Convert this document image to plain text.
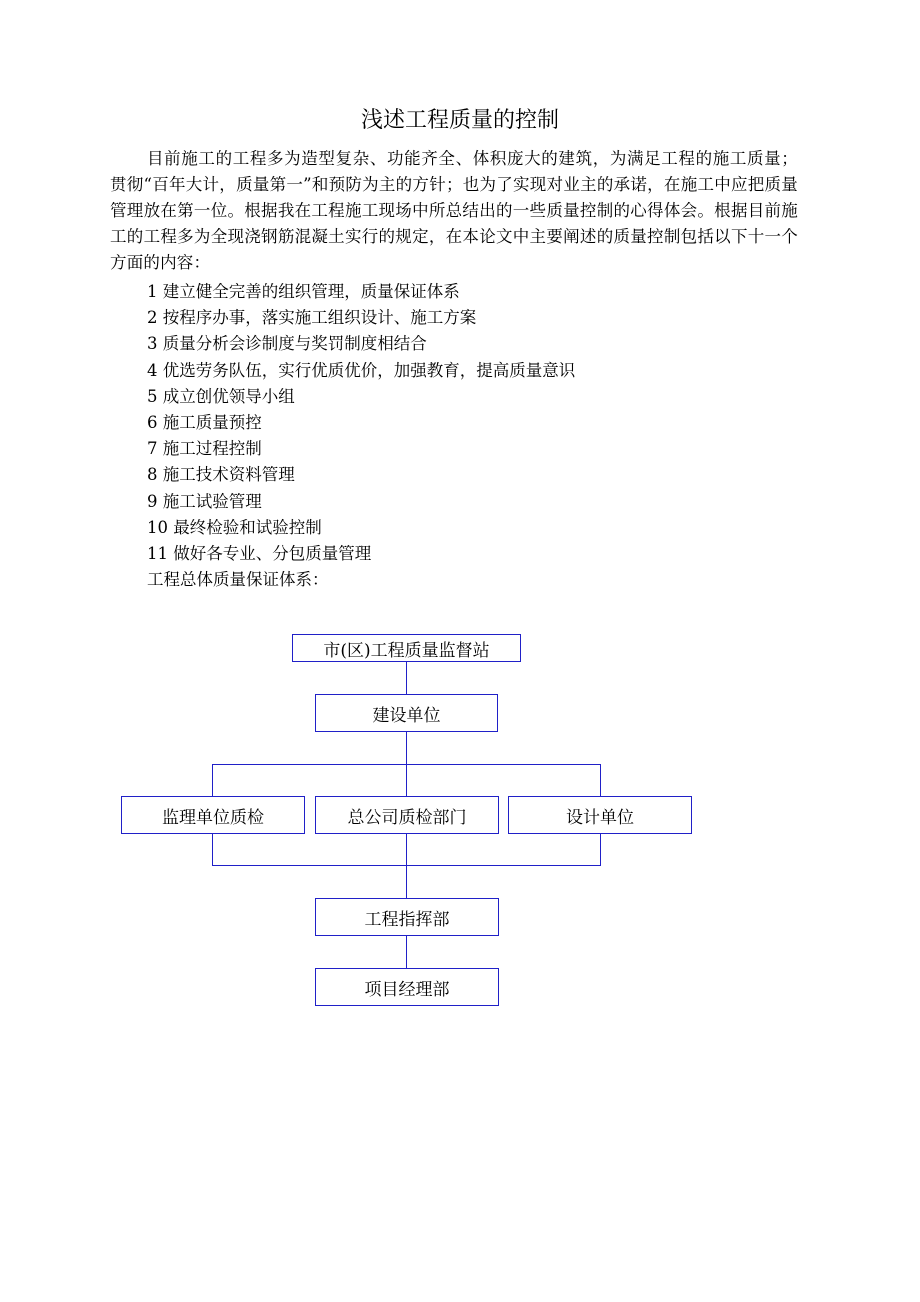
浅述工程质量的控制

目前施工的工程多为造型复杂、功能齐全、体积庞大的建筑，为满足工程的施工质量；贯彻“百年大计，质量第一”和预防为主的方针；也为了实现对业主的承诺，在施工中应把质量管理放在第一位。根据我在工程施工现场中所总结出的一些质量控制的心得体会。根据目前施工的工程多为全现浇钢筋混凝土实行的规定，在本论文中主要阐述的质量控制包括以下十一个方面的内容：

1 建立健全完善的组织管理，质量保证体系
2 按程序办事，落实施工组织设计、施工方案
3 质量分析会诊制度与奖罚制度相结合
4 优选劳务队伍，实行优质优价，加强教育，提高质量意识
5 成立创优领导小组
6 施工质量预控
7 施工过程控制
8 施工技术资料管理
9 施工试验管理
10 最终检验和试验控制
11 做好各专业、分包质量管理
工程总体质量保证体系：
市(区)工程质量监督站
建设单位
监理单位质检	总公司质检部门	设计单位
工程指挥部
项目经理部
